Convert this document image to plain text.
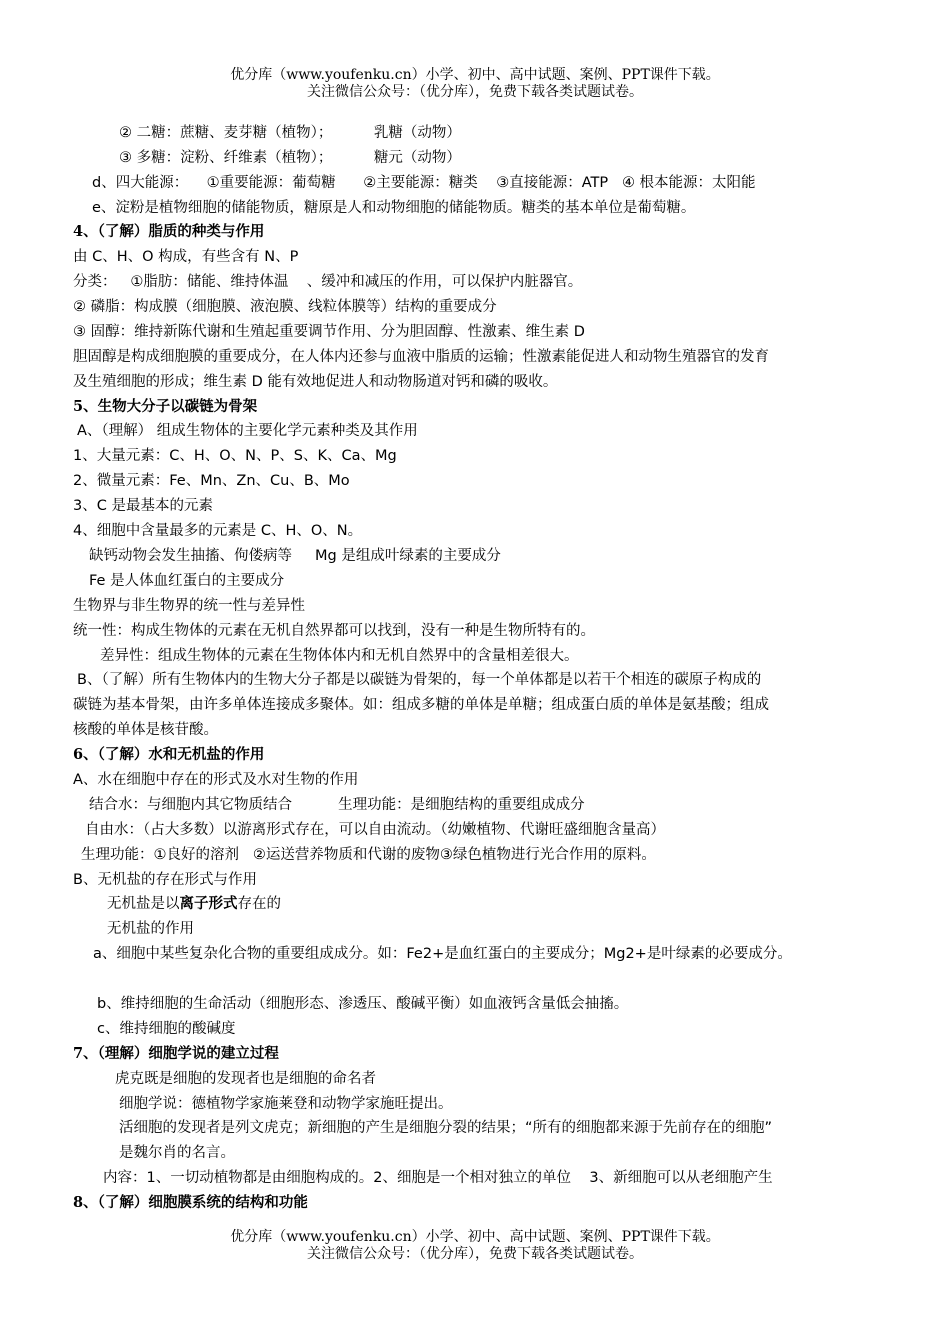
优分库（www.youfenku.cn）小学、初中、高中试题、案例、PPT课件下载。
关注微信公众号：（优分库），免费下载各类试题试卷。
② 二糖：蔗糖、麦芽糖（植物）；         乳糖（动物）
③ 多糖：淀粉、纤维素（植物）；         糖元（动物）
d、四大能源：    ①重要能源：葡萄糖      ②主要能源：糖类    ③直接能源：ATP   ④ 根本能源：太阳能
e、淀粉是植物细胞的储能物质，糖原是人和动物细胞的储能物质。糖类的基本单位是葡萄糖。
4、（了解）脂质的种类与作用
由 C、H、O 构成，有些含有 N、P
分类：   ①脂肪：储能、维持体温    、缓冲和减压的作用，可以保护内脏器官。
② 磷脂：构成膜（细胞膜、液泡膜、线粒体膜等）结构的重要成分
③ 固醇：维持新陈代谢和生殖起重要调节作用、分为胆固醇、性激素、维生素 D
胆固醇是构成细胞膜的重要成分，在人体内还参与血液中脂质的运输；性激素能促进人和动物生殖器官的发育
及生殖细胞的形成；维生素 D 能有效地促进人和动物肠道对钙和磷的吸收。
5、生物大分子以碳链为骨架
A、（理解） 组成生物体的主要化学元素种类及其作用
1、大量元素：C、H、O、N、P、S、K、Ca、Mg
2、微量元素：Fe、Mn、Zn、Cu、B、Mo
3、C 是最基本的元素
4、细胞中含量最多的元素是 C、H、O、N。
缺钙动物会发生抽搐、佝偻病等     Mg 是组成叶绿素的主要成分
Fe 是人体血红蛋白的主要成分
生物界与非生物界的统一性与差异性
统一性：构成生物体的元素在无机自然界都可以找到，没有一种是生物所特有的。
差异性：组成生物体的元素在生物体体内和无机自然界中的含量相差很大。
B、（了解）所有生物体内的生物大分子都是以碳链为骨架的，每一个单体都是以若干个相连的碳原子构成的
碳链为基本骨架，由许多单体连接成多聚体。如：组成多糖的单体是单糖；组成蛋白质的单体是氨基酸；组成
核酸的单体是核苷酸。
6、（了解）水和无机盐的作用
A、水在细胞中存在的形式及水对生物的作用
结合水：与细胞内其它物质结合          生理功能：是细胞结构的重要组成成分
自由水：（占大多数）以游离形式存在，可以自由流动。（幼嫩植物、代谢旺盛细胞含量高）
生理功能：①良好的溶剂   ②运送营养物质和代谢的废物③绿色植物进行光合作用的原料。
B、无机盐的存在形式与作用
无机盐是以离子形式存在的
无机盐的作用
a、细胞中某些复杂化合物的重要组成成分。如：Fe2+是血红蛋白的主要成分；Mg2+是叶绿素的必要成分。
b、维持细胞的生命活动（细胞形态、渗透压、酸碱平衡）如血液钙含量低会抽搐。
c、维持细胞的酸碱度
7、（理解）细胞学说的建立过程
虎克既是细胞的发现者也是细胞的命名者
细胞学说：德植物学家施莱登和动物学家施旺提出。
活细胞的发现者是列文虎克；新细胞的产生是细胞分裂的结果；“所有的细胞都来源于先前存在的细胞”
是魏尔肖的名言。
内容：1、一切动植物都是由细胞构成的。2、细胞是一个相对独立的单位    3、新细胞可以从老细胞产生
8、（了解）细胞膜系统的结构和功能
优分库（www.youfenku.cn）小学、初中、高中试题、案例、PPT课件下载。
关注微信公众号：（优分库），免费下载各类试题试卷。
